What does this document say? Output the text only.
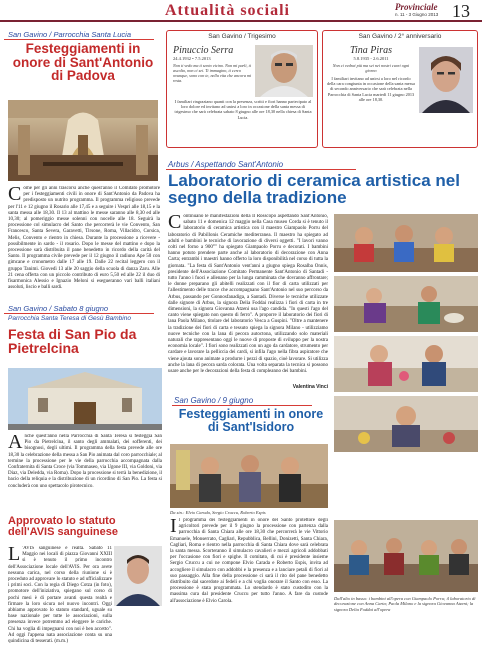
Attualità sociali	Provinciale
n. 11 - 3 Giugno 2013 13
San Gavino / Parrocchia Santa Lucia
Festeggiamenti in onore di Sant'Antonio di Padova
Come per gli anni trascorsi anche quest'anno il Comitato promotore per i festeggiamenti civili in onore di Sant'Antonio da Padova ha predisposto un nutrito programma. Il programma religioso prevede per l'11 e 12 giugno il Rosario alle 17,45 e a seguire i Vespri alle 18,15 e la santa messa alle 18,30. Il 13 al mattino le messe saranno alle 8,30 ed alle 10,30; al pomeriggio messe solenni con nocelle alle 18. Seguirà la processione col simulacro del Santo che percorrerà le vie Convento, San Francesco, Santa Severa, Garavetti, Tirsone, Roma, Villacidro, Corsica, Melis, Convento e rientro in chiesa. Durante la processione a ricevere - possibilmente in sardo - il rosario. Dopo le messe del mattino e dopo la processione sarà distribuita il pane benedetto in ricordo della carità del Santo. Il programma civile prevede per il 12 giugno il radiuno Ape 50 con gimcane e cronometro dalle 17 alle 19. Dalle 22 recital leggero con il gruppo Tanimi. Giovedì 13 alle 20 saggio della scuola di danza Zaru. Alle 21 cena offerta con un piccolo contributo di euro 5,50 ed alle 22 il duo di fisarmonica Alessio e Ignazio Meloni si esegueranno vari balli italiani assoluti, liscio e balli sardi.
San Gavino / Trigesimo
Pinuccio Serra
24.4.1932 • 7.5.2013
Non ti vedo ma ti sento vicino. Non mi parli, ti ascolto, non ci sei. Ti immagino, ti cerco ovunque, sono con te, nella vita che ancora mi resta.
I familiari ringraziano quanti con la presenza, scritti e fiori hanno partecipato al loro dolore ed invitano ad unirsi a loro in occasione della santa messa di trigesimo che sarà celebrata sabato 8 giugno alle ore 18,30 nella chiesa di Santa Lucia.
San Gavino / 2° anniversario
Tina Piras
5.8.1935 - 2.6.2011
Non ci vedrai più ma sei nei nostri cuori ogni giorno
I familiari invitano ad unirsi a loro nel ricordo della cara congiunta in occasione della santa messa di secondo anniversario che sarà celebrata nella Parrocchia di Santa Lucia martedì 11 giugno 2013 alle ore 18,30.
Arbus / Aspettando Sant'Antonio
Laboratorio di ceramica artistica nel segno della tradizione
Continuano le manifestazioni della Il Rosscopo aspettando Sant'Antonio, sabato 11 e domenica 12 maggio nella Casa museo Corda si è tenuto il laboratorio di ceramica artistica con il maestro Giampaolo Porru del laboratorio di Pabillonis Ceramiche mediterranea. Il maestro ha spiegato ad adulti e bambini le tecniche di lavorazione di diversi oggetti. "I lavori vanno colti nel forno a 900°" ha spiegato Giampaolo Porru e decorati. I bambini hanno potuto prendere parte anche al laboratorio di decorazione con Anna Carta; entrambi i maestri hanno offerto la loro disponibilità nel corso di tutta la giornata. "La festa di Sant'Antonio vent'anni a giugno spiega Rosalba Onnis, presidente dell'Associazione Comitato Permanente Sant'Antonio di Santadi - tutto l'anno i fuoci e allenano per la lunga camminata che dovranno affrontare; le donne preparano gli abitelli realizzati con il fior di carta utilizzati per l'allestimento delle tracce che accompagnano Sant'Antonio nel suo percorso da Arbus, passando per Gonnosfanadiga, a Santadi. Diverse le tecniche utilizzate dalle signore di Arbus, la signora Delia Foddai realizza i fiori di carta in tre dimensioni, la signora Giovanna Atzeni usa l'ago candida. "In questi l'ago del canto viene spiegato non questo di ferro". A proporre il laboratorio dei fiori di lana Paola Milano, titolare del laboratorio Vesca a Guspini. "Oltre a mantenere la tradizione dei fiori di carta e tessuto spiega la signora Milano - utilizziamo nuove tecniche con la lana di pecora autoctona, utilizzando solo materiali naturali che rappresentano oggi le nuove di proposte di sviluppo per la nostra economia locale". I fiori sono realizzati con un ago da cardatore, strumento per cardare e lavorare la pelliccia dei cardi, si infila l'ago nella fibra aspiratore che viene ajouta sono animate a produrre i pezzi di spazio, cioè lavorare. Si utilizza anche la lana di pecora sarda colorata. Una volta separata la tecnica si possono usare anche per le decorazioni della festa di compleanno dei bambini.
Valentina Vinci
Dall'alto in basso: i bambini all'opera con Giampaolo Porru; il laboratorio di decorazione con Anna Carta; Paola Milano e la signora Giovanna Atzeni; la signora Delia Foddai all'opera
San Gavino / Sabato 8 giugno
Parrocchia Santa Teresa di Gesù Bambino
Festa di San Pio da Pietrelcina
Anche quest'anno nella Parrocchia di Santa Teresa si festeggia San Pio da Pietrelcina, il santo degli ammalati, dei sofferenti, dei bisognosi, degli ultimi. Il programma della festa prevede alle ore 18,30 la celebrazione della messa a San Pio animata dal coro parrocchiale; al termine la processione per le vie della parrocchia accompagnata dalla Confraternita di Santa Croce (via Tommaseo, via Ugone III, via Goldoni, via Diaz, via Deledda, via Roma). Dopo la processione si terrà la benedizione, il bacio della reliquia e la distribuzione di un ricordino di San Pio. La festa si concluderà con uno spettacolo pirotecnico.
Approvato lo statuto dell'AVIS sanguinese
L 'AVIS sanguinese è realtà. Sabato 11 Maggio nei locali di piazza Giovanni XXIII si è tenuto il primo incontro dell'Associazione locale dell'AVIS. Per ora avete nessuna carica, nel corso della riunione si è proceduto ad approvare lo statuto e ad ufficializzare i primi soci. Con la regia di Diego Cotza (in foto), promotore dell'iniziativa, spiegano sul corso di pochi mesi è di portare avanti questa realtà e firmare la loro sicura nel nuovo incontri. Oggi abbiamo approvato lo statuto standard, uguale su base nazionale per tutte le associazioni, sulla presenza invece potremmo ad eleggere le cariche. Chi ha voglia di impegnarsi con noi è ben accetto". Ad oggi l'appena nata associazione conta su una quindicina di tesserati. (m.m.)
San Gavino / 9 giugno
Festeggiamenti in onore di Sant'Isidoro
Da sin.: Elvio Caroda, Sergio Cruccu, Roberto Espis
Il programma dei festeggiamenti in onore del Santo protettore degli agricoltori prevede per il 9 giugno la processione con partenza dalla parrocchia di Santa Chiara alle ore 18,30 che percorrerà le vie Vittorio Emanuele, Monserrato, Cagliari, Repubblica, Bellini, Donizetti, Santa Chiara, Cagliari, Roma e rientro nella parrocchia di Santa Chiara dove sarà celebrata la santa messa. Scorteranno il simulacro cavalieri e mezzi agricoli addobbati per l'occasione con fiori e spighe. Il comitato, di cui è presidente insieme Sergio Cruccu a cui ne compone Elvio Carada e Roberto Espis, invita ad accogliere il simulacro con addobbi e la presenza e a lanciare petali di fiori al suo passaggio. Alla fine della processione ci sarà il rito del pane benedetto distribuito dal sacerdote ai fedeli e a chi voglia onorare il Santo con esso. La processione è stata programmata. Lo stendardo è stato custodito con la massima cura dal presidente Cruccu per tutto l'anno. A fare da custode all'associazione è Elvio Carola.
